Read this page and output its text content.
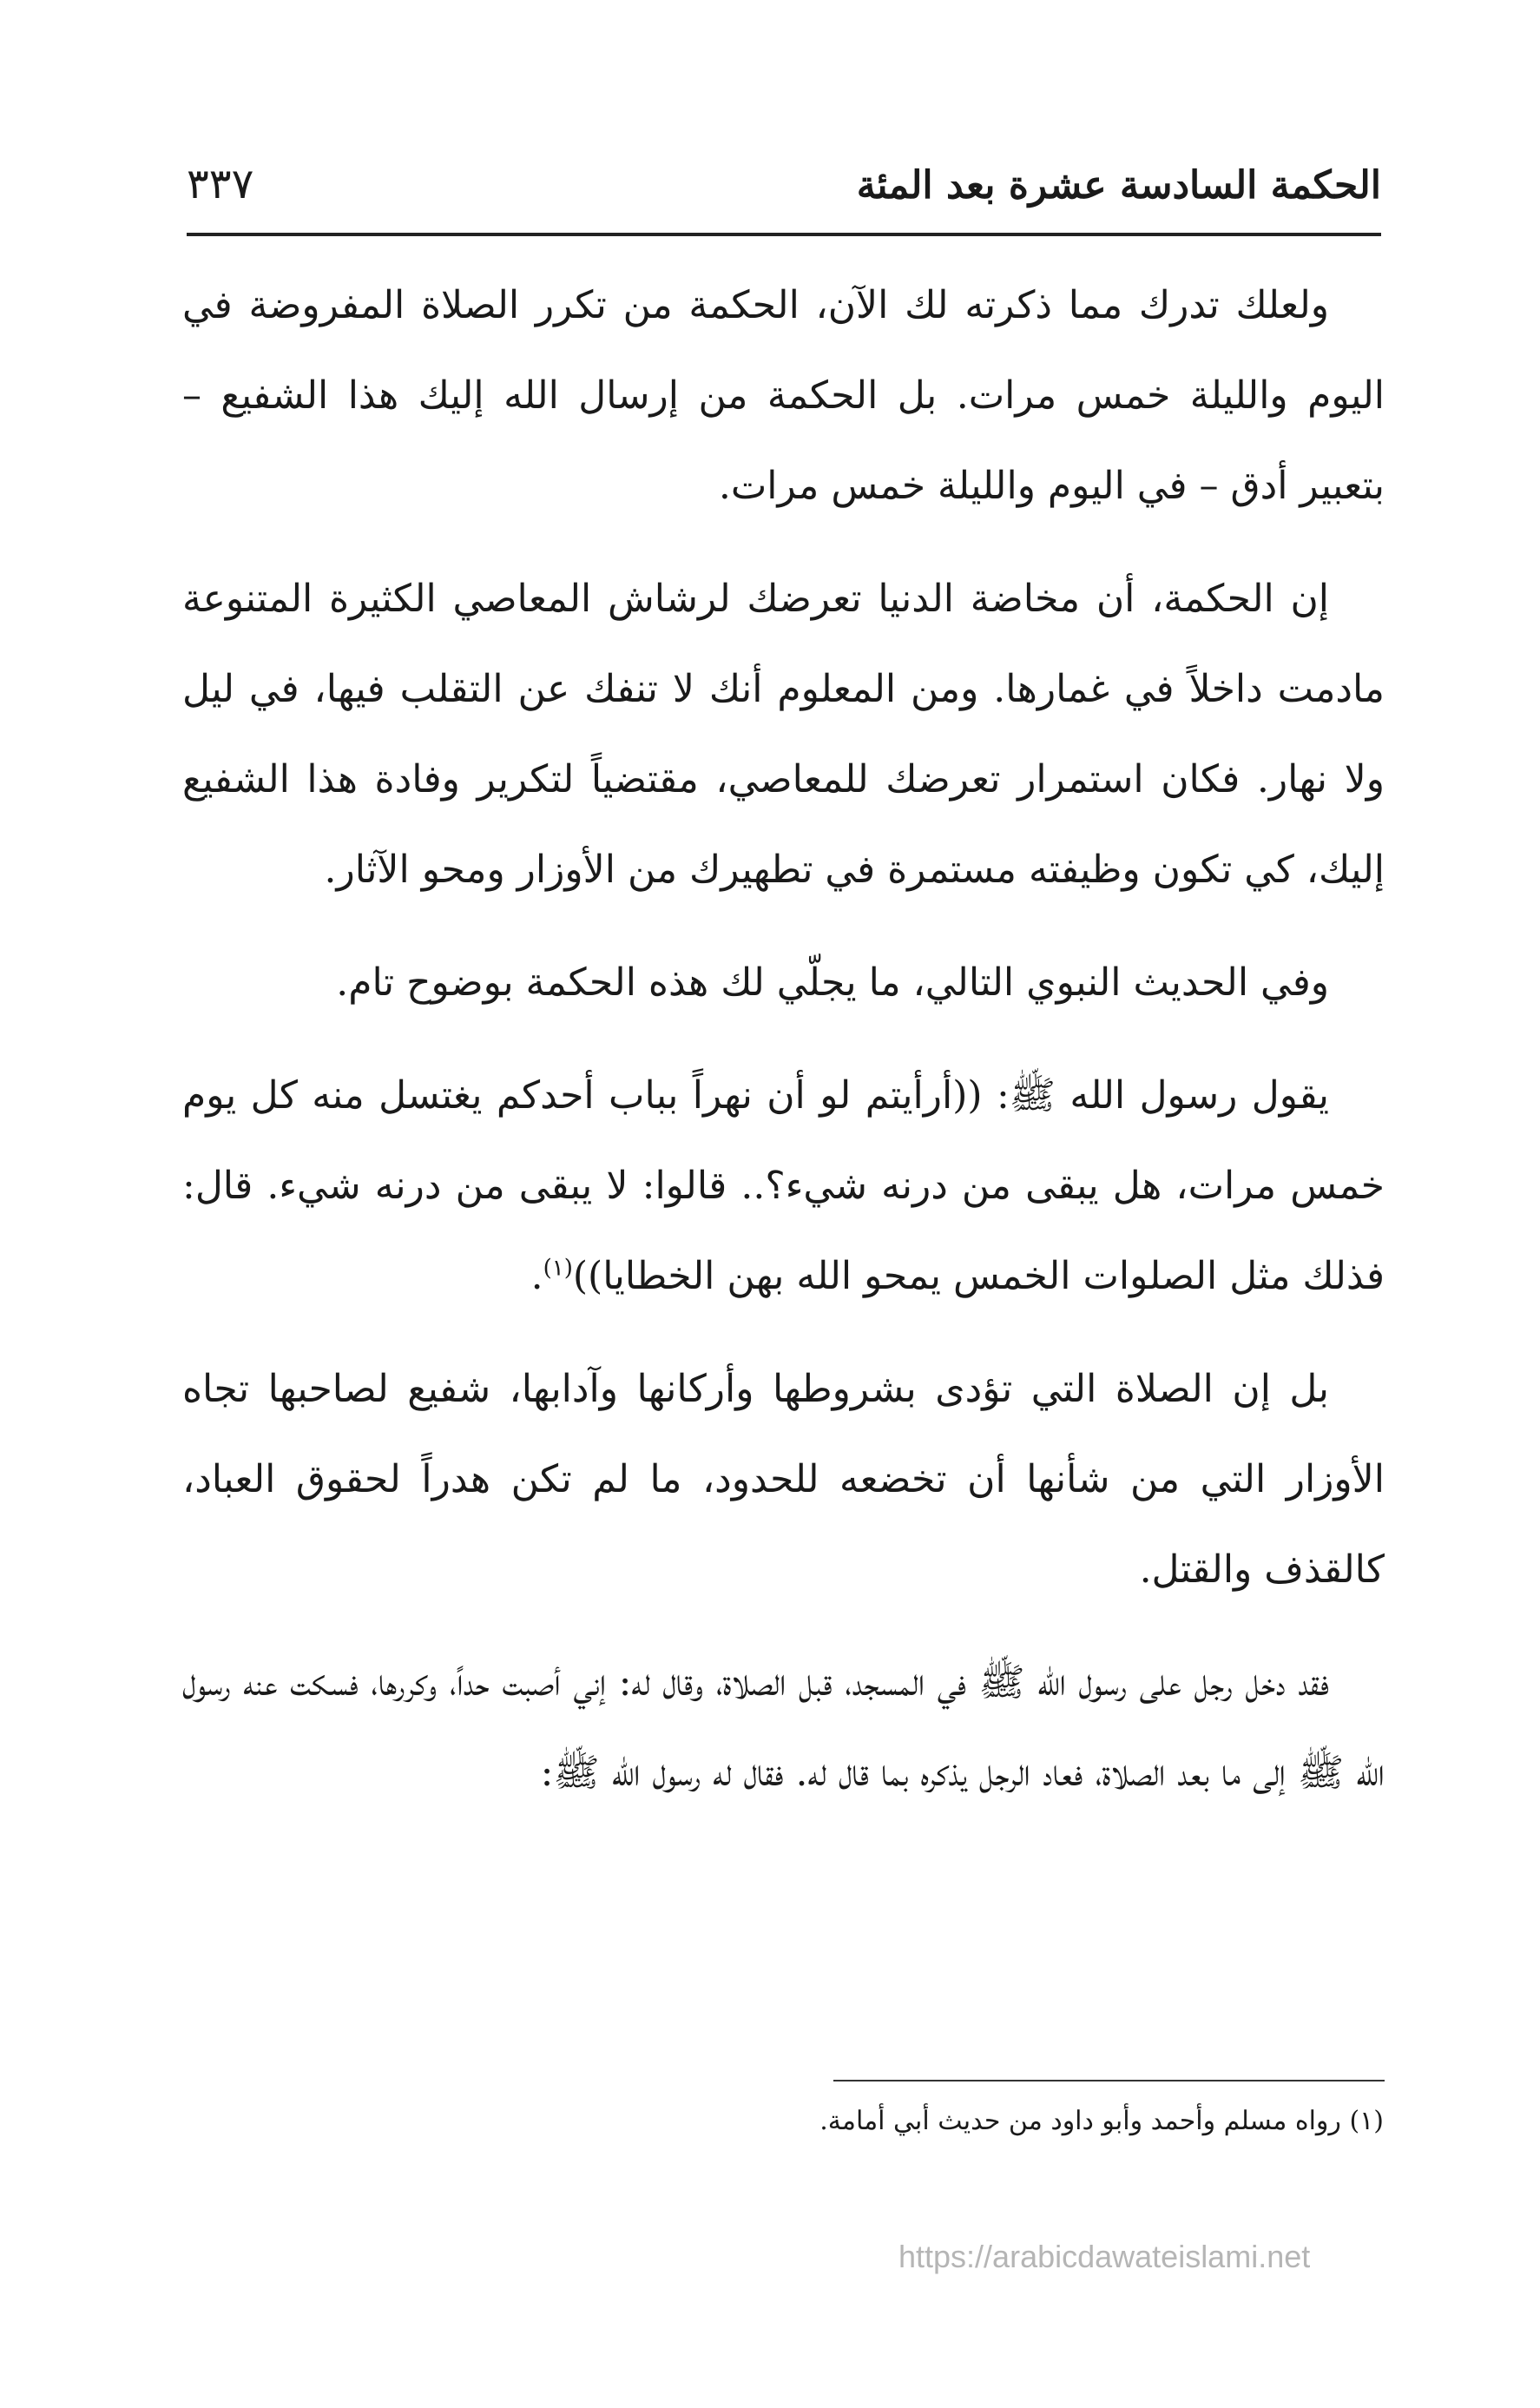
الحكمة السادسة عشرة بعد المئة
٣٣٧

ولعلك تدرك مما ذكرته لك الآن، الحكمة من تكرر الصلاة المفروضة في اليوم والليلة خمس مرات. بل الحكمة من إرسال الله إليك هذا الشفيع – بتعبير أدق – في اليوم والليلة خمس مرات.

إن الحكمة، أن مخاضة الدنيا تعرضك لرشاش المعاصي الكثيرة المتنوعة مادمت داخلاً في غمارها. ومن المعلوم أنك لا تنفك عن التقلب فيها، في ليل ولا نهار. فكان استمرار تعرضك للمعاصي، مقتضياً لتكرير وفادة هذا الشفيع إليك، كي تكون وظيفته مستمرة في تطهيرك من الأوزار ومحو الآثار.

وفي الحديث النبوي التالي، ما يجلّي لك هذه الحكمة بوضوح تام.

يقول رسول الله ﷺ: ((أرأيتم لو أن نهراً بباب أحدكم يغتسل منه كل يوم خمس مرات، هل يبقى من درنه شيء؟.. قالوا: لا يبقى من درنه شيء. قال: فذلك مثل الصلوات الخمس يمحو الله بهن الخطايا))$^{(١)}$.

بل إن الصلاة التي تؤدى بشروطها وأركانها وآدابها، شفيع لصاحبها تجاه الأوزار التي من شأنها أن تخضعه للحدود، ما لم تكن هدراً لحقوق العباد، كالقذف والقتل.

فقد دخل رجل على رسول الله ﷺ في المسجد، قبل الصلاة، وقال له: إني أصبت حداً، وكررها، فسكت عنه رسول الله ﷺ إلى ما بعد الصلاة، فعاد الرجل يذكره بما قال له. فقال له رسول الله ﷺ:

(١) رواه مسلم وأحمد وأبو داود من حديث أبي أمامة.
https://arabicdawateislami.net
